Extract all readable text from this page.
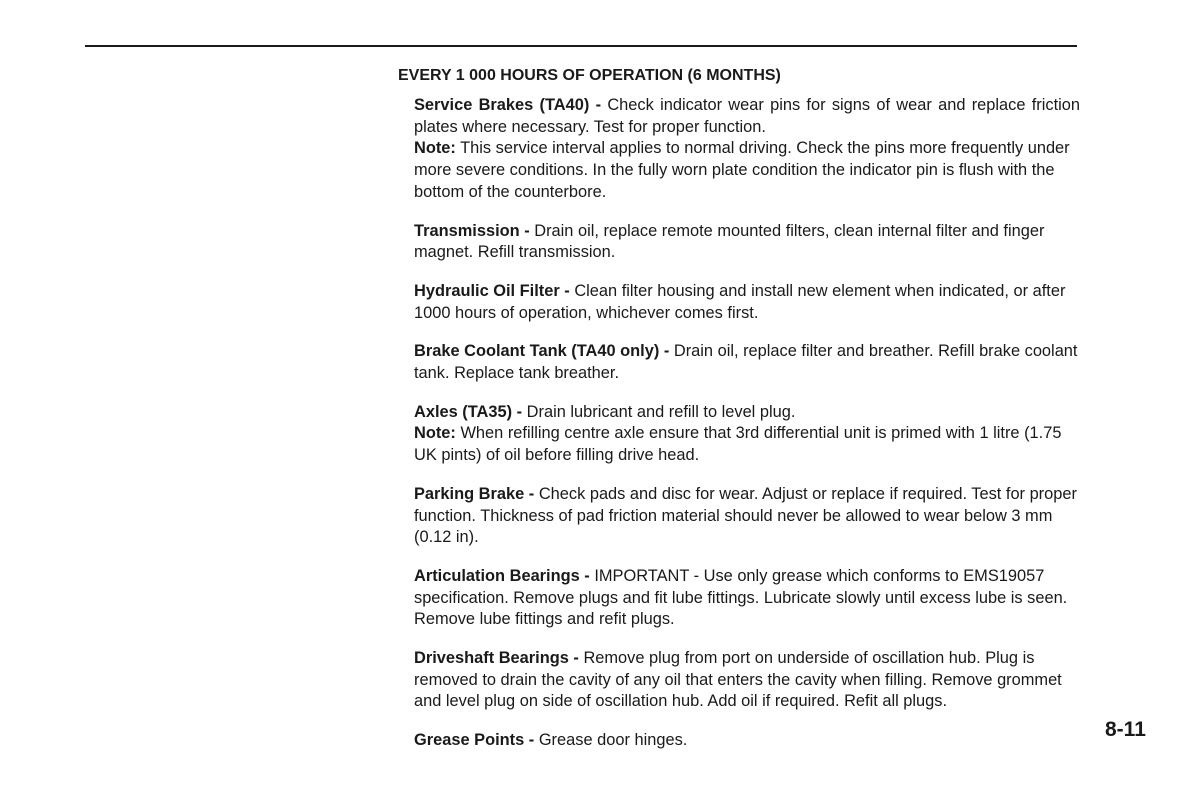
EVERY 1 000 HOURS OF OPERATION (6 MONTHS)

Service Brakes (TA40) - Check indicator wear pins for signs of wear and replace friction plates where necessary. Test for proper function.

Note: This service interval applies to normal driving. Check the pins more frequently under more severe conditions. In the fully worn plate condition the indicator pin is flush with the bottom of the counterbore.

Transmission - Drain oil, replace remote mounted filters, clean internal filter and finger magnet. Refill transmission.

Hydraulic Oil Filter - Clean filter housing and install new element when indicated, or after 1000 hours of operation, whichever comes first.

Brake Coolant Tank (TA40 only) - Drain oil, replace filter and breather. Refill brake coolant tank. Replace tank breather.

Axles (TA35) - Drain lubricant and refill to level plug.

Note: When refilling centre axle ensure that 3rd differential unit is primed with 1 litre (1.75 UK pints) of oil before filling drive head.

Parking Brake - Check pads and disc for wear. Adjust or replace if required. Test for proper function. Thickness of pad friction material should never be allowed to wear below 3 mm (0.12 in).

Articulation Bearings - IMPORTANT - Use only grease which conforms to EMS19057 specification. Remove plugs and fit lube fittings. Lubricate slowly until excess lube is seen. Remove lube fittings and refit plugs.

Driveshaft Bearings - Remove plug from port on underside of oscillation hub. Plug is removed to drain the cavity of any oil that enters the cavity when filling. Remove grommet and level plug on side of oscillation hub. Add oil if required. Refit all plugs.

Grease Points - Grease door hinges.	8-11
